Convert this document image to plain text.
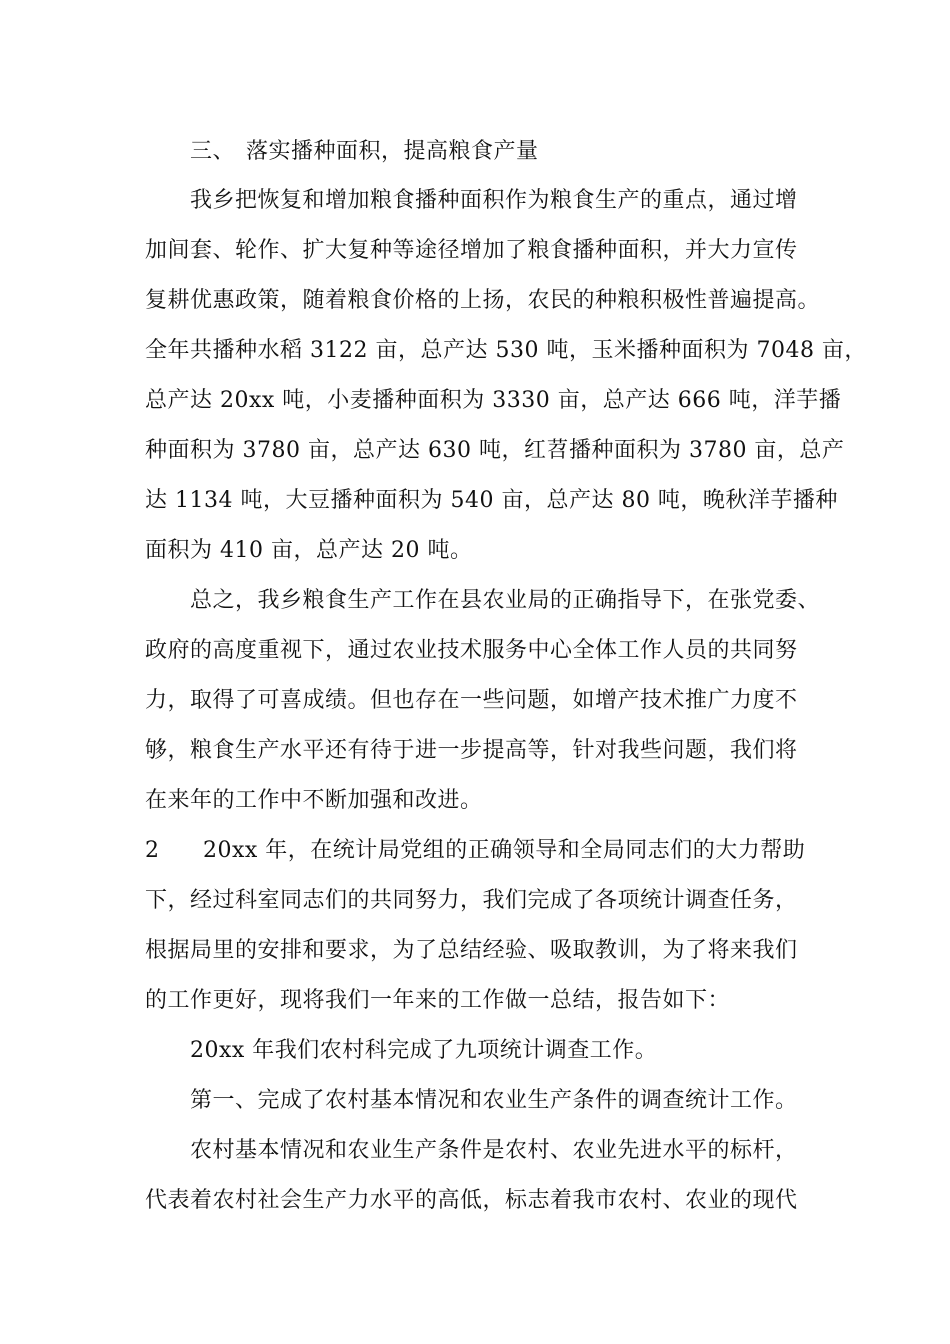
三、 落实播种面积，提高粮食产量
我乡把恢复和增加粮食播种面积作为粮食生产的重点，通过增
加间套、轮作、扩大复种等途径增加了粮食播种面积，并大力宣传
复耕优惠政策，随着粮食价格的上扬，农民的种粮积极性普遍提高。
全年共播种水稻 3122 亩，总产达 530 吨，玉米播种面积为 7048 亩，
总产达 20xx 吨，小麦播种面积为 3330 亩，总产达 666 吨，洋芋播
种面积为 3780 亩，总产达 630 吨，红苕播种面积为 3780 亩，总产
达 1134 吨，大豆播种面积为 540 亩，总产达 80 吨，晚秋洋芋播种
面积为 410 亩，总产达 20 吨。
总之，我乡粮食生产工作在县农业局的正确指导下，在张党委、
政府的高度重视下，通过农业技术服务中心全体工作人员的共同努
力，取得了可喜成绩。但也存在一些问题，如增产技术推广力度不
够，粮食生产水平还有待于进一步提高等，针对我些问题，我们将
在来年的工作中不断加强和改进。
2 20xx 年，在统计局党组的正确领导和全局同志们的大力帮助
下，经过科室同志们的共同努力，我们完成了各项统计调查任务，
根据局里的安排和要求，为了总结经验、吸取教训，为了将来我们
的工作更好，现将我们一年来的工作做一总结，报告如下：
20xx 年我们农村科完成了九项统计调查工作。
第一、完成了农村基本情况和农业生产条件的调查统计工作。
农村基本情况和农业生产条件是农村、农业先进水平的标杆，
代表着农村社会生产力水平的高低，标志着我市农村、农业的现代
